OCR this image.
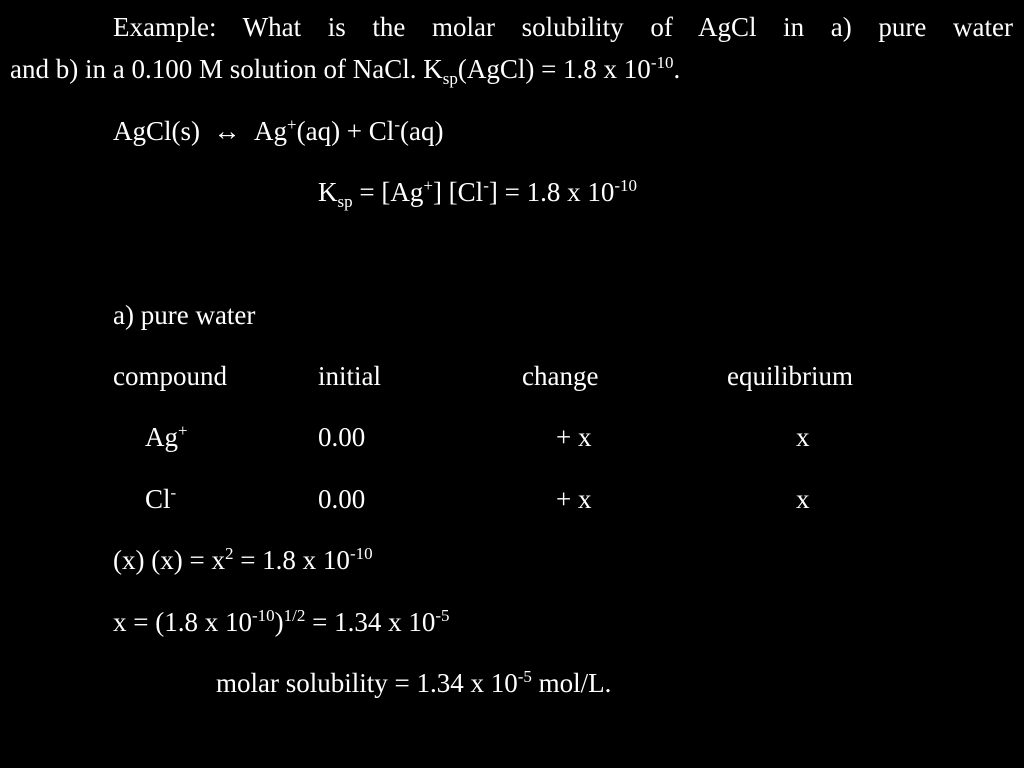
Example: What is the molar solubility of AgCl in a) pure water
and b) in a 0.100 M solution of NaCl. $K_{sp}(AgCl) = 1.8$ x $10^{-10}$.
AgCl(s) ↔ Ag+(aq) + Cl-(aq)
$K_{sp} = [Ag^+] [Cl^-] = 1.8$ x $10^{-10}$
a) pure water
compound	initial	change	equilibrium
Ag+	0.00	+ x	x
Cl-	0.00	+ x	x
(x) $(x) = x^2 = 1.8$ x $10^{-10}$
x = (1.8 x $10^{-10})^{1/2} = 1.34$ x $10^{-5}$
molar solubility = 1.34 x $10^{-5}$ mol/L.
